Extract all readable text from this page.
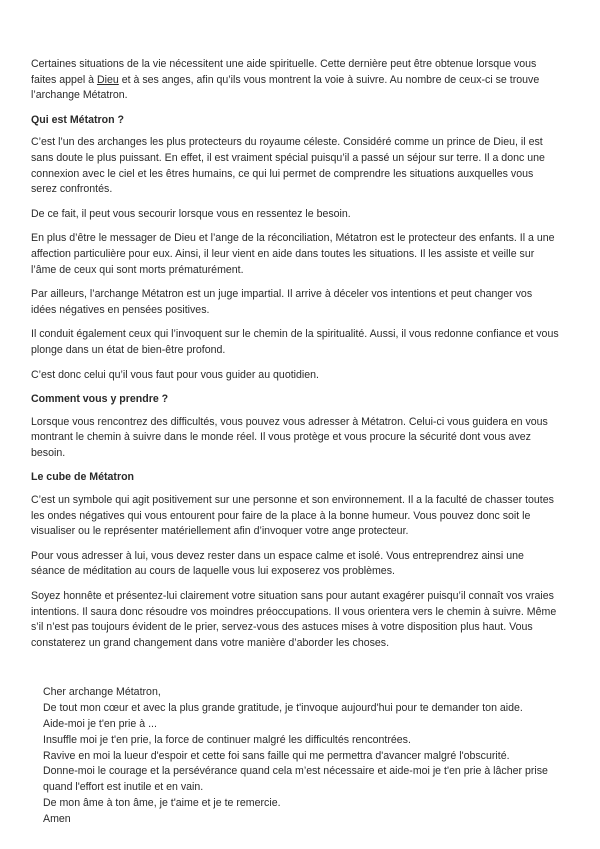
Certaines situations de la vie nécessitent une aide spirituelle. Cette dernière peut être obtenue lorsque vous faites appel à Dieu et à ses anges, afin qu’ils vous montrent la voie à suivre. Au nombre de ceux-ci se trouve l’archange Métatron.

Qui est Métatron ?

C’est l’un des archanges les plus protecteurs du royaume céleste. Considéré comme un prince de Dieu, il est sans doute le plus puissant. En effet, il est vraiment spécial puisqu’il a passé un séjour sur terre. Il a donc une connexion avec le ciel et les êtres humains, ce qui lui permet de comprendre les situations auxquelles vous serez confrontés.

De ce fait, il peut vous secourir lorsque vous en ressentez le besoin.

En plus d’être le messager de Dieu et l’ange de la réconciliation, Métatron est le protecteur des enfants. Il a une affection particulière pour eux. Ainsi, il leur vient en aide dans toutes les situations. Il les assiste et veille sur l’âme de ceux qui sont morts prématurément.

Par ailleurs, l’archange Métatron est un juge impartial. Il arrive à déceler vos intentions et peut changer vos idées négatives en pensées positives.

Il conduit également ceux qui l’invoquent sur le chemin de la spiritualité. Aussi, il vous redonne confiance et vous plonge dans un état de bien-être profond.

C’est donc celui qu’il vous faut pour vous guider au quotidien.

Comment vous y prendre ?

Lorsque vous rencontrez des difficultés, vous pouvez vous adresser à Métatron. Celui-ci vous guidera en vous montrant le chemin à suivre dans le monde réel. Il vous protège et vous procure la sécurité dont vous avez besoin.

Le cube de Métatron

C’est un symbole qui agit positivement sur une personne et son environnement. Il a la faculté de chasser toutes les ondes négatives qui vous entourent pour faire de la place à la bonne humeur. Vous pouvez donc soit le visualiser ou le représenter matériellement afin d’invoquer votre ange protecteur.

Pour vous adresser à lui, vous devez rester dans un espace calme et isolé. Vous entreprendrez ainsi une séance de méditation au cours de laquelle vous lui exposerez vos problèmes.

Soyez honnête et présentez-lui clairement votre situation sans pour autant exagérer puisqu’il connaît vos vraies intentions. Il saura donc résoudre vos moindres préoccupations. Il vous orientera vers le chemin à suivre. Même s’il n’est pas toujours évident de le prier, servez-vous des astuces mises à votre disposition plus haut. Vous constaterez un grand changement dans votre manière d’aborder les choses.

Cher archange Métatron,

De tout mon cœur et avec la plus grande gratitude, je t'invoque aujourd'hui pour te demander ton aide.

Aide-moi je t'en prie à ...

Insuffle moi je t'en prie, la force de continuer malgré les difficultés rencontrées.

Ravive en moi la lueur d'espoir et cette foi sans faille qui me permettra d'avancer malgré l'obscurité.

Donne-moi le courage et la persévérance quand cela m’est nécessaire et aide-moi je t'en prie à lâcher prise quand l'effort est inutile et en vain.

De mon âme à ton âme, je t'aime et je te remercie.

Amen
